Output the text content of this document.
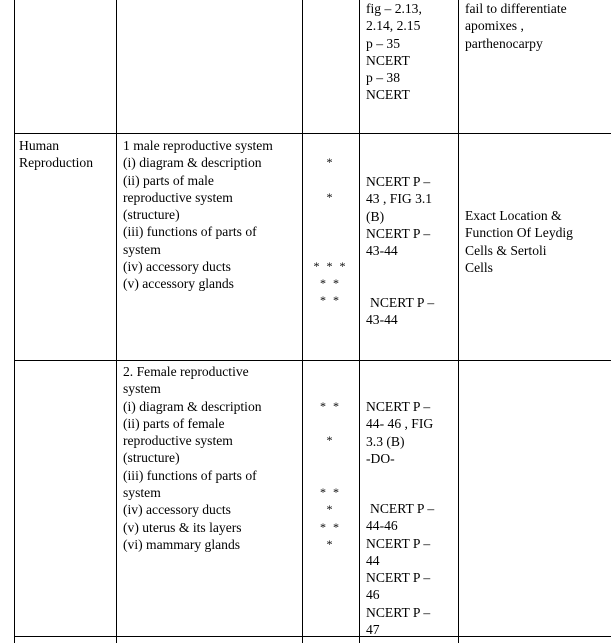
fig – 2.13,
2.14, 2.15
p – 35
NCERT
p – 38
NCERT
fail to differentiate
apomixes ,
parthenocarpy
Human
Reproduction
1 male reproductive system
(i) diagram & description
(ii) parts of male
reproductive system
(structure)
(iii) functions of parts of
system
(iv) accessory ducts
(v) accessory glands
*
*
* * *
* *
* *
NCERT P –
43 , FIG 3.1
(B)
NCERT P –
43-44
NCERT P –
43-44
Exact Location &
Function Of Leydig
Cells & Sertoli
Cells
2. Female reproductive
system
(i) diagram & description
(ii) parts of female
reproductive system
(structure)
(iii) functions of parts of
system
(iv) accessory ducts
(v) uterus & its layers
(vi) mammary glands
* *
*
* *
*
* *
*
NCERT P –
44- 46 , FIG
3.3 (B)
-DO-
NCERT P –
44-46
NCERT P –
44
NCERT P –
46
NCERT P –
47
